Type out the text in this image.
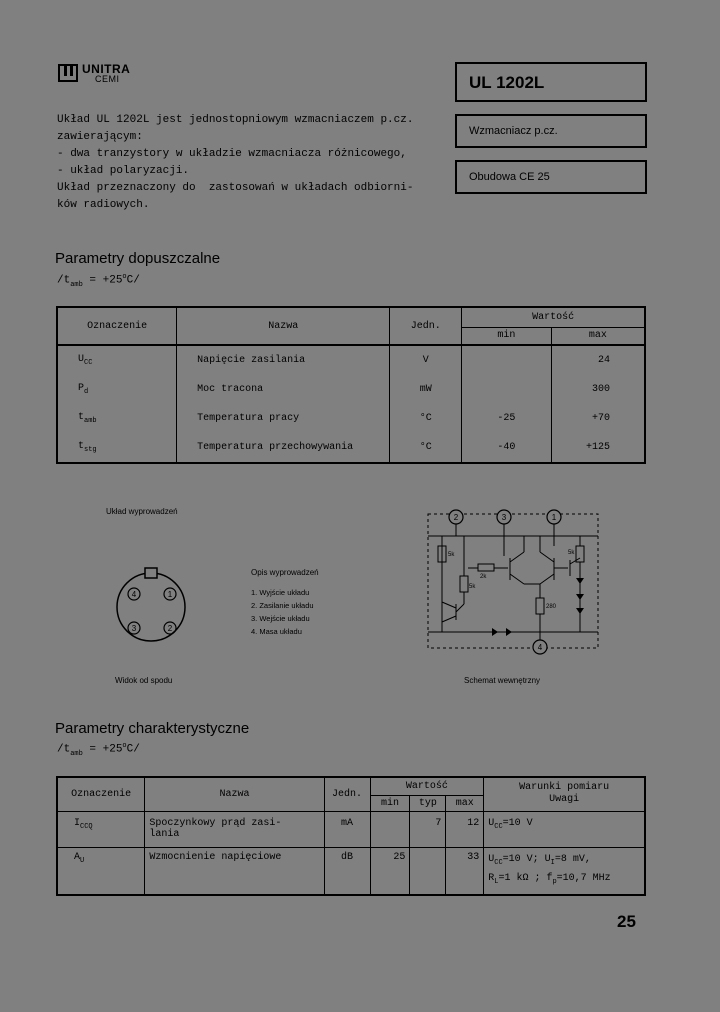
UNITRA
CEMI	UL 1202L
Wzmacniacz p.cz.
Obudowa CE 25
Układ UL 1202L jest jednostopniowym wzmacniaczem p.cz.
zawierającym:
- dwa tranzystory w układzie wzmacniacza różnicowego,
- układ polaryzacji.
Układ przeznaczony do  zastosowań w układach odbiorni-
ków radiowych.
Parametry dopuszczalne
$/t_{amb} = +25^oC/$
Oznaczenie	Nazwa	Jedn.	Wartość	
			min	max
$U_{CC}$	Napięcie zasilania	V		24
$P_d$	Moc tracona	mW		300
$t_{amb}$	Temperatura pracy	°C	-25	+70
$t_{stg}$	Temperatura przechowywania	°C	-40	+125
Układ wyprowadzeń
1
2
3
4
Widok od spodu
Opis wyprowadzeń
1. Wyjście układu
2. Zasilanie układu
3. Wejście układu
4. Masa układu
2	3	1
4
5k	5k
2k
5k
280
Schemat wewnętrzny
Parametry charakterystyczne
$/t_{amb} = +25^oC/$
Oznaczenie	Nazwa	Jedn.	Wartość			Warunki pomiaru
Uwagi
			min	typ	max	
$I_{CCQ}$	Spoczynkowy prąd zasi-
lania	mA		7	12	$U_{CC}=10$ V
$A_U$	Wzmocnienie napięciowe	dB	25		33	$U_{CC}=10$ V; $U_I=8$ mV,
$R_L=1$ kΩ ; $f_p=10,7$ MHz
25
